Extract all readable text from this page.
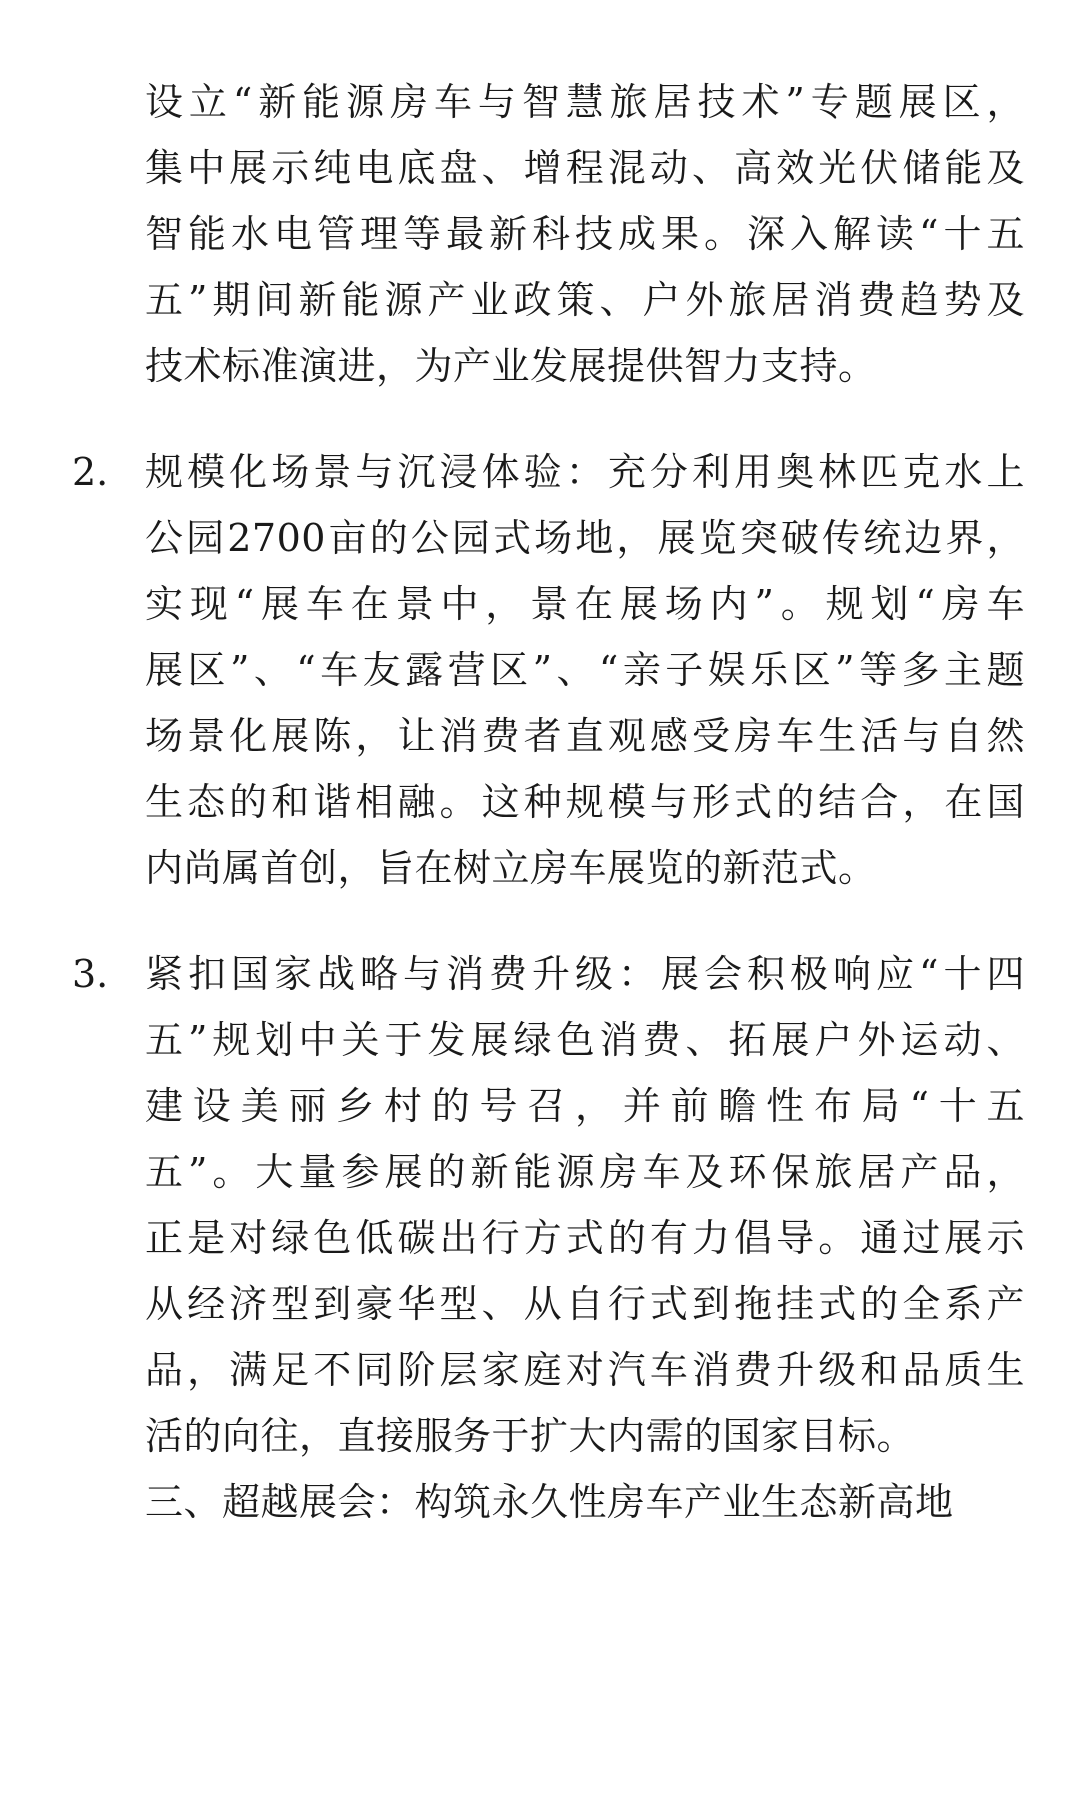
设立“新能源房车与智慧旅居技术”专题展区，
集中展示纯电底盘、增程混动、高效光伏储能及
智能水电管理等最新科技成果。深入解读“十五
五”期间新能源产业政策、户外旅居消费趋势及
技术标准演进，为产业发展提供智力支持。
2. 规模化场景与沉浸体验：充分利用奥林匹克水上
公园2700亩的公园式场地，展览突破传统边界，
实现“展车在景中，景在展场内”。规划“房车
展区”、“车友露营区”、“亲子娱乐区”等多主题
场景化展陈，让消费者直观感受房车生活与自然
生态的和谐相融。这种规模与形式的结合，在国
内尚属首创，旨在树立房车展览的新范式。
3. 紧扣国家战略与消费升级：展会积极响应“十四
五”规划中关于发展绿色消费、拓展户外运动、
建设美丽乡村的号召，并前瞻性布局“十五
五”。大量参展的新能源房车及环保旅居产品，
正是对绿色低碳出行方式的有力倡导。通过展示
从经济型到豪华型、从自行式到拖挂式的全系产
品，满足不同阶层家庭对汽车消费升级和品质生
活的向往，直接服务于扩大内需的国家目标。
三、超越展会：构筑永久性房车产业生态新高地
